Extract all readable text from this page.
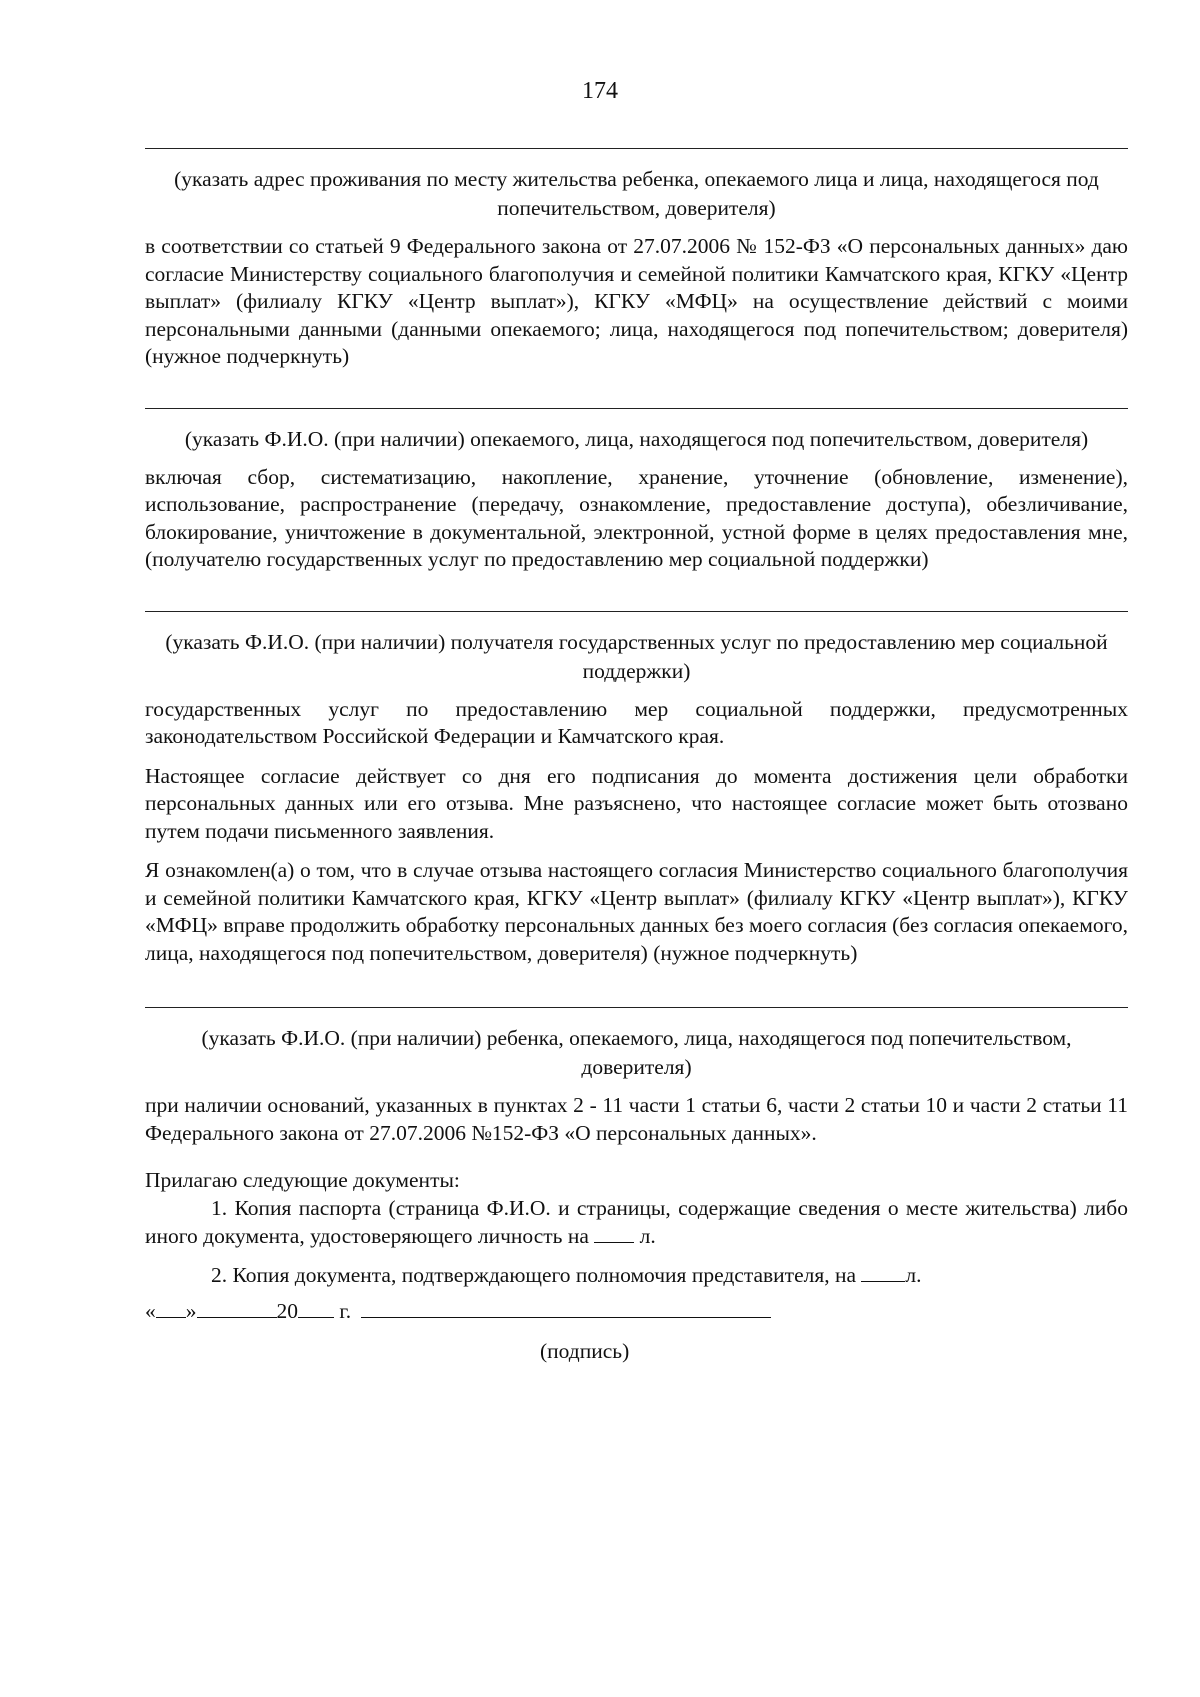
174

(указать адрес проживания по месту жительства ребенка, опекаемого лица и лица, находящегося под попечительством, доверителя)

в соответствии со статьей 9 Федерального закона от 27.07.2006 № 152-ФЗ «О персональных данных» даю согласие Министерству социального благополучия и семейной политики Камчатского края, КГКУ «Центр выплат» (филиалу КГКУ «Центр выплат»), КГКУ «МФЦ» на осуществление действий с моими персональными данными (данными опекаемого; лица, находящегося под попечительством; доверителя) (нужное подчеркнуть)

(указать Ф.И.О. (при наличии) опекаемого, лица, находящегося под попечительством, доверителя)

включая сбор, систематизацию, накопление, хранение, уточнение (обновление, изменение), использование, распространение (передачу, ознакомление, предоставление доступа), обезличивание, блокирование, уничтожение в документальной, электронной, устной форме в целях предоставления мне, (получателю государственных услуг по предоставлению мер социальной поддержки)

(указать Ф.И.О. (при наличии) получателя государственных услуг по предоставлению мер социальной поддержки)

государственных услуг по предоставлению мер социальной поддержки, предусмотренных законодательством Российской Федерации и Камчатского края.

Настоящее согласие действует со дня его подписания до момента достижения цели обработки персональных данных или его отзыва. Мне разъяснено, что настоящее согласие может быть отозвано путем подачи письменного заявления.

Я ознакомлен(а) о том, что в случае отзыва настоящего согласия Министерство социального благополучия и семейной политики Камчатского края, КГКУ «Центр выплат» (филиалу КГКУ «Центр выплат»), КГКУ «МФЦ» вправе продолжить обработку персональных данных без моего согласия (без согласия опекаемого, лица, находящегося под попечительством, доверителя) (нужное подчеркнуть)

(указать Ф.И.О. (при наличии) ребенка, опекаемого, лица, находящегося под попечительством, доверителя)

при наличии оснований, указанных в пунктах 2 - 11 части 1 статьи 6, части 2 статьи 10 и части 2 статьи 11 Федерального закона от 27.07.2006 №152-ФЗ «О персональных данных».

Прилагаю следующие документы:

1. Копия паспорта (страница Ф.И.О. и страницы, содержащие сведения о месте жительства) либо иного документа, удостоверяющего личность на л.

2. Копия документа, подтверждающего полномочия представителя, на л.

« »	20 г.
(подпись)
